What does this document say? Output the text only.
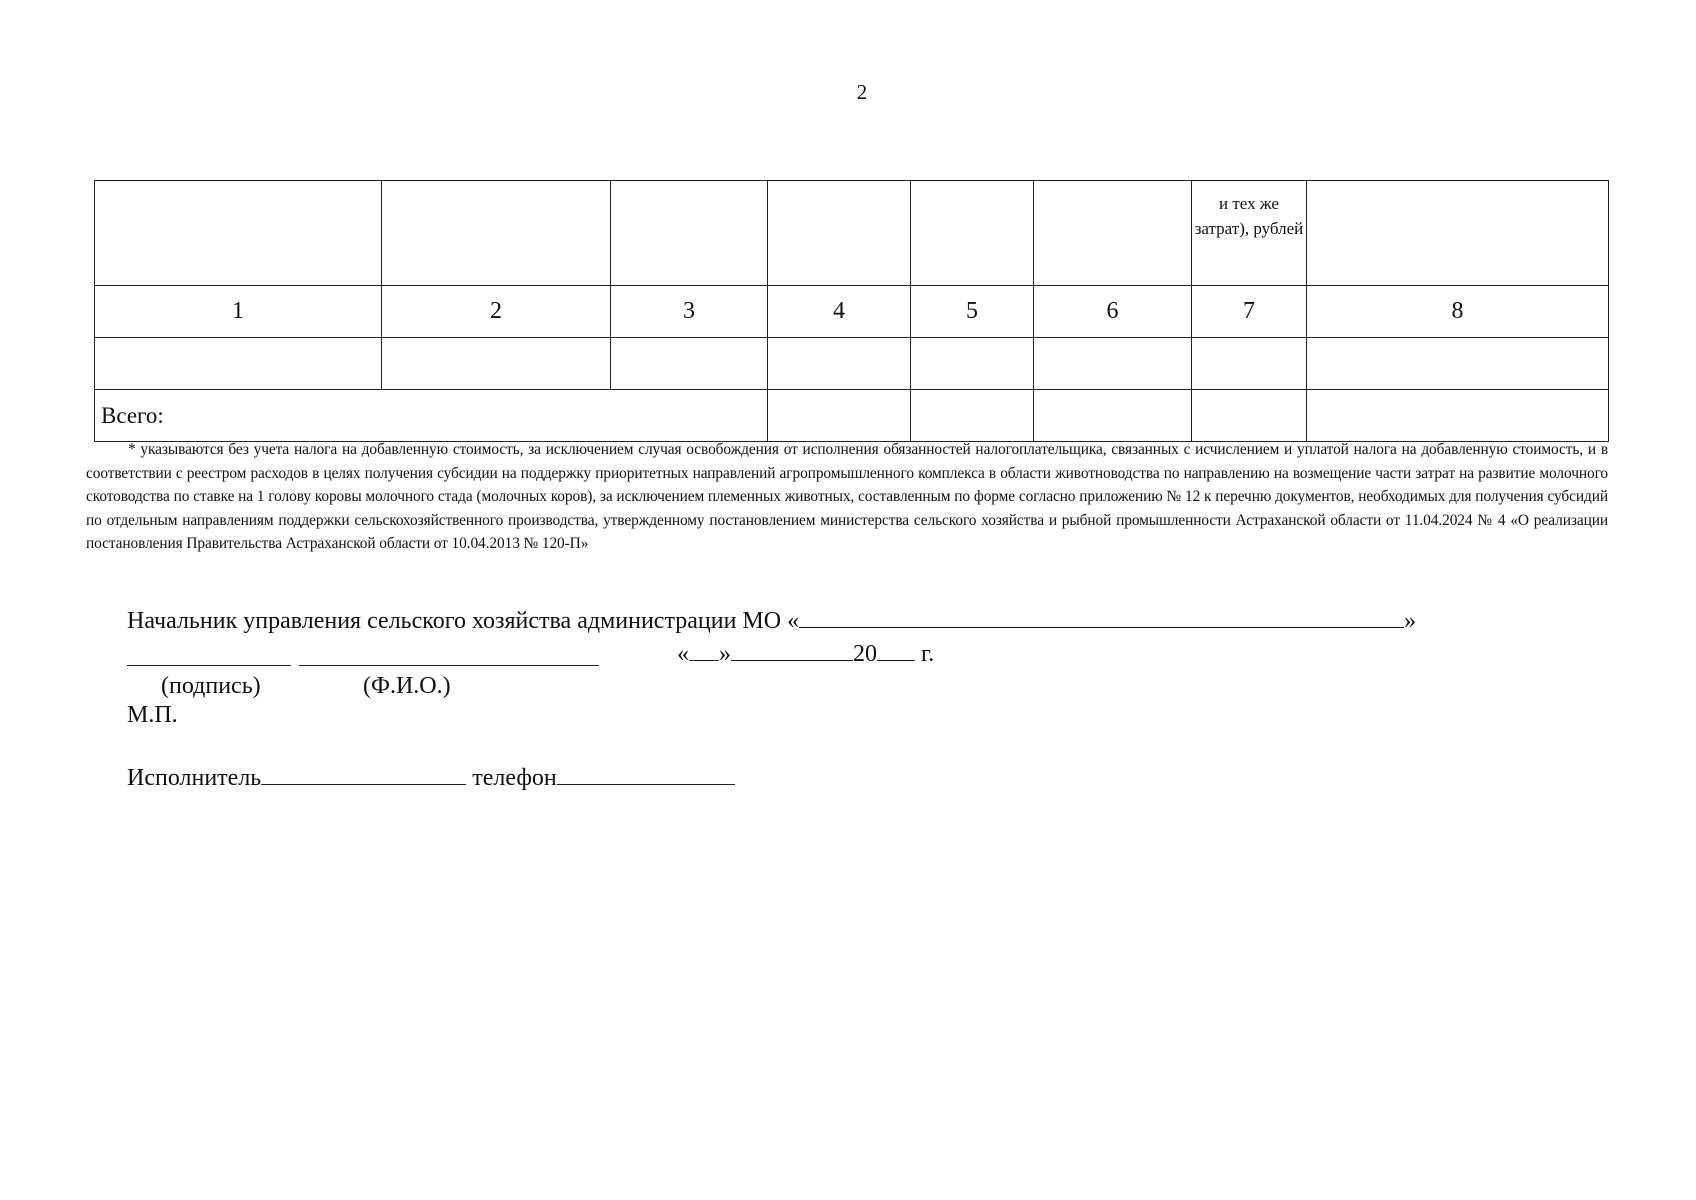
2
						и тех же затрат), рублей	
1	2	3	4	5	6	7	8

Всего:							
* указываются без учета налога на добавленную стоимость, за исключением случая освобождения от исполнения обязанностей налогоплательщика, связанных с исчислением и уплатой налога на добавленную стоимость, и в соответствии с реестром расходов в целях получения субсидии на поддержку приоритетных направлений агропромышленного комплекса в области животноводства по направлению на возмещение части затрат на развитие молочного скотоводства по ставке на 1 голову коровы молочного стада (молочных коров), за исключением племенных животных, составленным по форме согласно приложению № 12 к перечню документов, необходимых для получения субсидий по отдельным направлениям поддержки сельскохозяйственного производства, утвержденному постановлением министерства сельского хозяйства и рыбной промышленности Астраханской области от 11.04.2024 № 4 «О реализации постановления Правительства Астраханской области от 10.04.2013 № 120-П»
Начальник управления сельского хозяйства администрации МО «	»
« »	20 г.
(подпись)	(Ф.И.О.)
М.П.
Исполнитель	телефон
